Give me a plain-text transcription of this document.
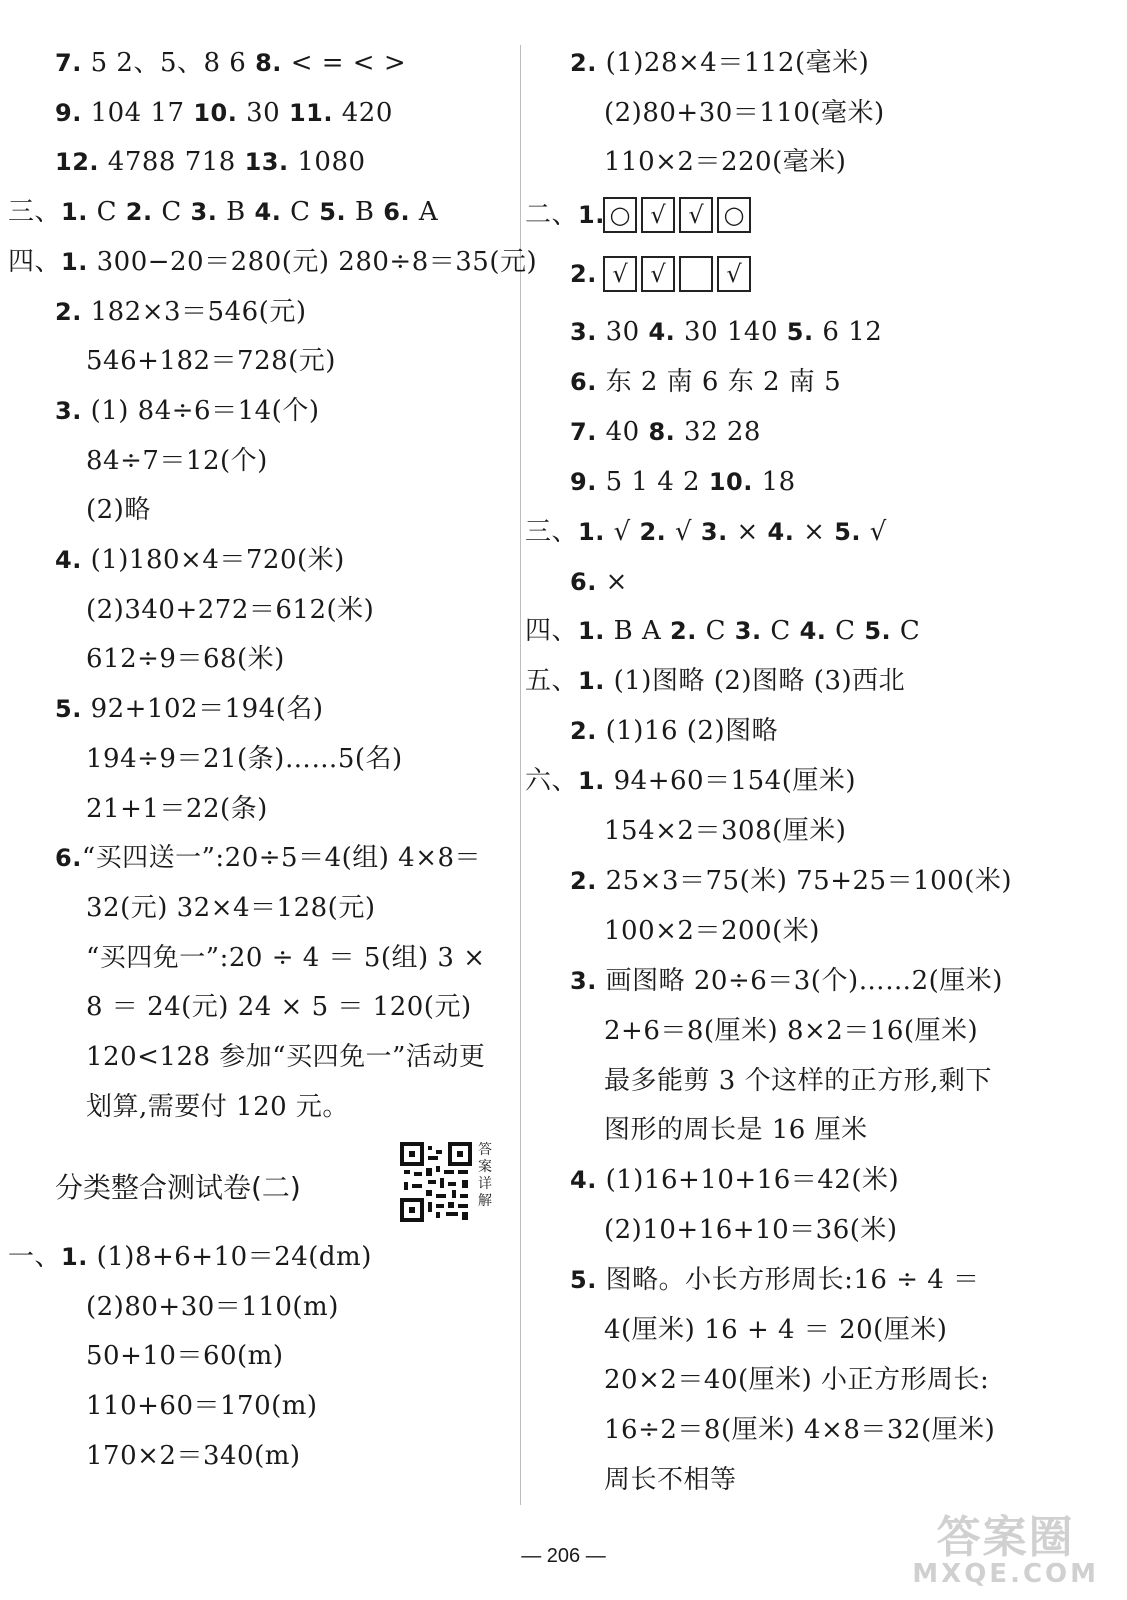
7. 5 2、5、8 6 8. < = < >
9. 104 17 10. 30 11. 420
12. 4788 718 13. 1080
三、1. C 2. C 3. B 4. C 5. B 6. A
四、1. 300−20＝280(元) 280÷8＝35(元)
2. 182×3＝546(元)
546+182＝728(元)
3. (1) 84÷6＝14(个)
84÷7＝12(个)
(2)略
4. (1)180×4＝720(米)
(2)340+272＝612(米)
612÷9＝68(米)
5. 92+102＝194(名)
194÷9＝21(条)……5(名)
21+1＝22(条)
6.“买四送一”:20÷5＝4(组) 4×8＝
32(元) 32×4＝128(元)
“买四免一”:20 ÷ 4 ＝ 5(组) 3 ×
8 ＝ 24(元) 24 × 5 ＝ 120(元)
120<128 参加“买四免一”活动更
划算,需要付 120 元。
分类整合测试卷(二)
答案详解
一、1. (1)8+6+10＝24(dm)
(2)80+30＝110(m)
50+10＝60(m)
110+60＝170(m)
170×2＝340(m)
2. (1)28×4＝112(毫米)
(2)80+30＝110(毫米)
110×2＝220(毫米)
二、1. ○ √ √ ○
2. √ √	√
3. 30 4. 30 140 5. 6 12
6. 东 2 南 6 东 2 南 5
7. 40 8. 32 28
9. 5 1 4 2 10. 18
三、1. √ 2. √ 3. × 4. × 5. √
6. ×
四、1. B A 2. C 3. C 4. C 5. C
五、1. (1)图略 (2)图略 (3)西北
2. (1)16 (2)图略
六、1. 94+60＝154(厘米)
154×2＝308(厘米)
2. 25×3＝75(米) 75+25＝100(米)
100×2＝200(米)
3. 画图略 20÷6＝3(个)……2(厘米)
2+6＝8(厘米) 8×2＝16(厘米)
最多能剪 3 个这样的正方形,剩下
图形的周长是 16 厘米
4. (1)16+10+16＝42(米)
(2)10+16+10＝36(米)
5. 图略。小长方形周长:16 ÷ 4 ＝
4(厘米) 16 + 4 ＝ 20(厘米)
20×2＝40(厘米) 小正方形周长:
16÷2＝8(厘米) 4×8＝32(厘米)
周长不相等
— 206 —	答案圈
MXQE.COM
